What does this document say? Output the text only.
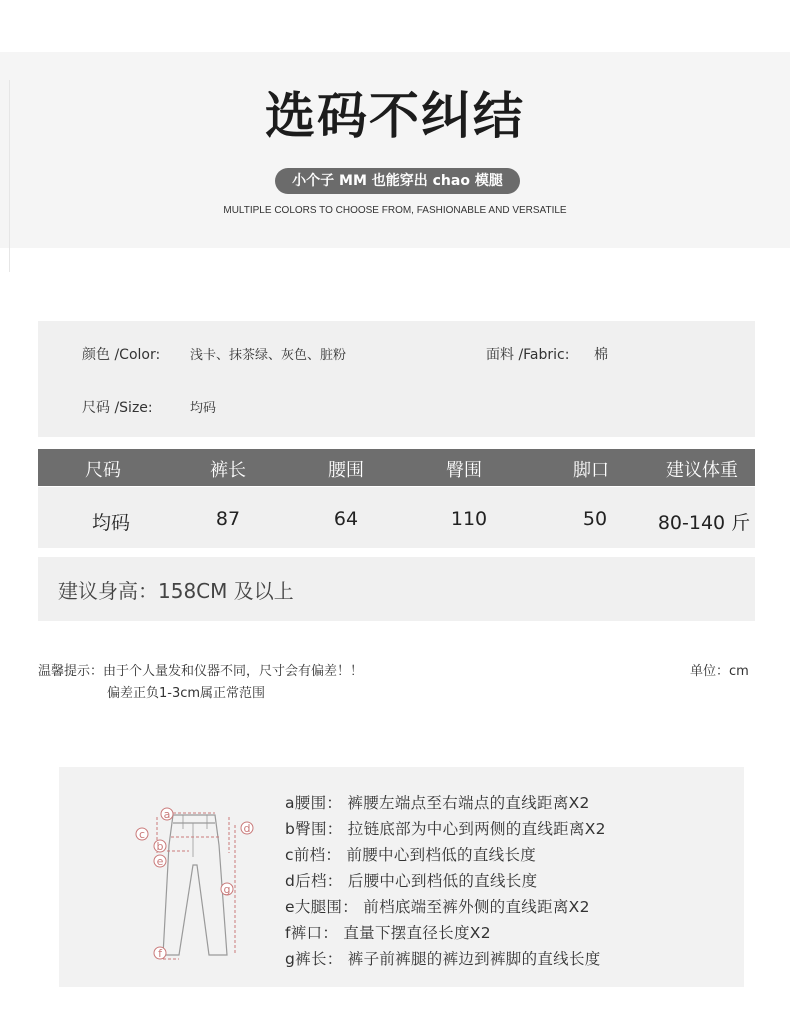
选码不纠结
小个子 MM 也能穿出 chao 模腿
MULTIPLE COLORS TO CHOOSE FROM, FASHIONABLE AND VERSATILE
颜色 /Color: 浅卡、抹茶绿、灰色、脏粉	面料 /Fabric: 棉
尺码 /Size:	均码
尺码	裤长	腰围	臀围	脚口	建议体重
均码	87	64	110	50	80-140 斤
建议身高：158CM 及以上
温馨提示：由于个人量发和仪器不同，尺寸会有偏差！！
偏差正负1-3cm属正常范围
单位：cm
a
b
c	d
e
f
g
a腰围： 裤腰左端点至右端点的直线距离X2
b臀围： 拉链底部为中心到两侧的直线距离X2
c前档： 前腰中心到档低的直线长度
d后档： 后腰中心到档低的直线长度
e大腿围： 前档底端至裤外侧的直线距离X2
f裤口： 直量下摆直径长度X2
g裤长： 裤子前裤腿的裤边到裤脚的直线长度
